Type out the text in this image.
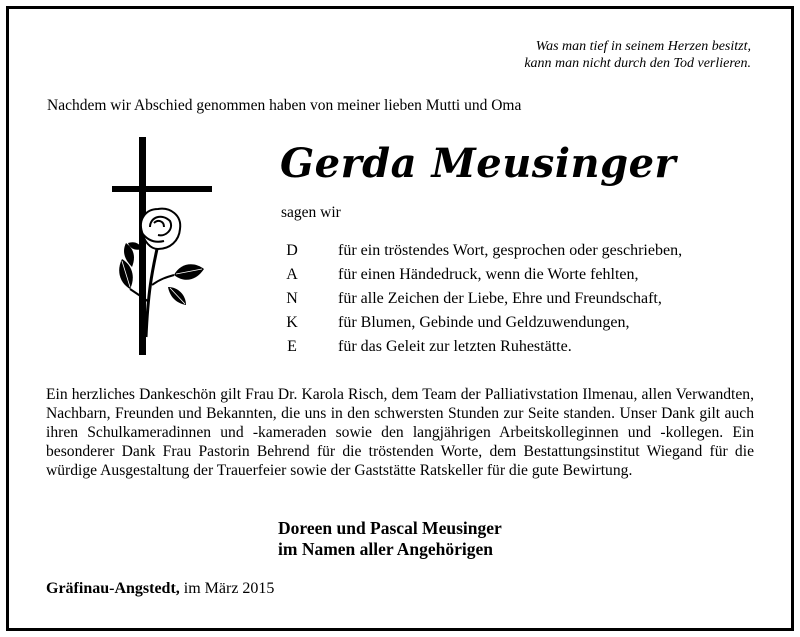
Was man tief in seinem Herzen besitzt,
kann man nicht durch den Tod verlieren.
Nachdem wir Abschied genommen haben von meiner lieben Mutti und Oma
Gerda Meusinger
sagen wir
D	für ein tröstendes Wort, gesprochen oder geschrieben,
A	für einen Händedruck, wenn die Worte fehlten,
N	für alle Zeichen der Liebe, Ehre und Freundschaft,
K	für Blumen, Gebinde und Geldzuwendungen,
E	für das Geleit zur letzten Ruhestätte.
Ein herzliches Dankeschön gilt Frau Dr. Karola Risch, dem Team der Palliativstation Ilmenau, allen Verwandten, Nachbarn, Freunden und Bekannten, die uns in den schwersten Stunden zur Seite standen. Unser Dank gilt auch ihren Schulkameradinnen und -kameraden sowie den langjährigen Arbeitskolleginnen und -kollegen. Ein besonderer Dank Frau Pastorin Behrend für die tröstenden Worte, dem Bestattungsinstitut Wiegand für die würdige Ausgestaltung der Trauerfeier sowie der Gaststätte Ratskeller für die gute Bewirtung.
Doreen und Pascal Meusinger
im Namen aller Angehörigen
Gräfinau-Angstedt, im März 2015
